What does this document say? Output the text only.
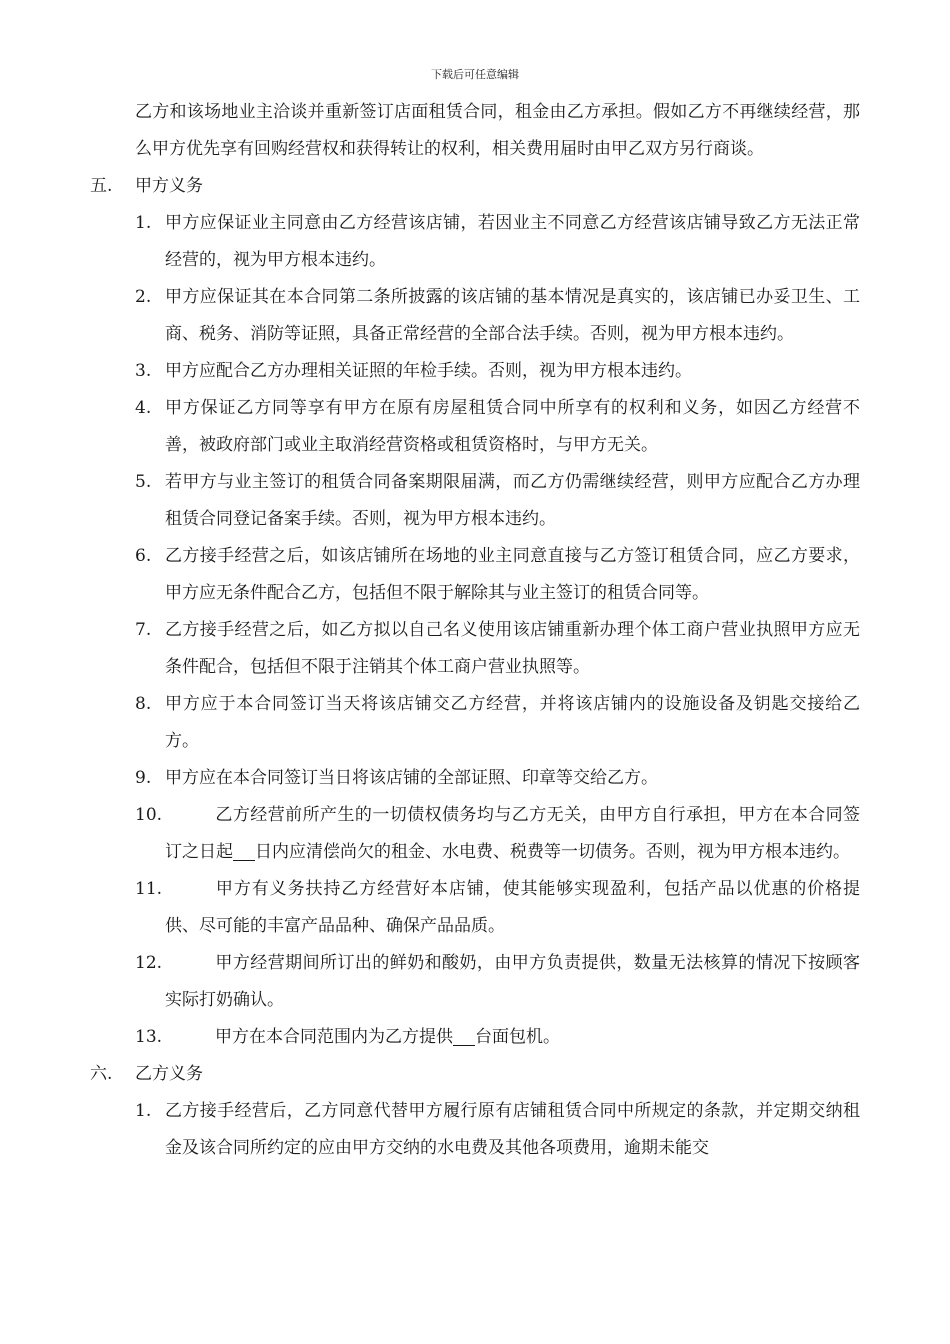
下载后可任意编辑
乙方和该场地业主洽谈并重新签订店面租赁合同，租金由乙方承担。假如乙方不再继续经营，那么甲方优先享有回购经营权和获得转让的权利，相关费用届时由甲乙双方另行商谈。
五.	甲方义务
1. 甲方应保证业主同意由乙方经营该店铺，若因业主不同意乙方经营该店铺导致乙方无法正常经营的，视为甲方根本违约。
2. 甲方应保证其在本合同第二条所披露的该店铺的基本情况是真实的，该店铺已办妥卫生、工商、税务、消防等证照，具备正常经营的全部合法手续。否则，视为甲方根本违约。
3. 甲方应配合乙方办理相关证照的年检手续。否则，视为甲方根本违约。
4. 甲方保证乙方同等享有甲方在原有房屋租赁合同中所享有的权利和义务，如因乙方经营不善，被政府部门或业主取消经营资格或租赁资格时，与甲方无关。
5. 若甲方与业主签订的租赁合同备案期限届满，而乙方仍需继续经营，则甲方应配合乙方办理租赁合同登记备案手续。否则，视为甲方根本违约。
6. 乙方接手经营之后，如该店铺所在场地的业主同意直接与乙方签订租赁合同，应乙方要求，甲方应无条件配合乙方，包括但不限于解除其与业主签订的租赁合同等。
7. 乙方接手经营之后，如乙方拟以自己名义使用该店铺重新办理个体工商户营业执照甲方应无条件配合，包括但不限于注销其个体工商户营业执照等。
8. 甲方应于本合同签订当天将该店铺交乙方经营，并将该店铺内的设施设备及钥匙交接给乙方。
9. 甲方应在本合同签订当日将该店铺的全部证照、印章等交给乙方。
10.	乙方经营前所产生的一切债权债务均与乙方无关，由甲方自行承担，甲方在本合同签订之日起 日内应清偿尚欠的租金、水电费、税费等一切债务。否则，视为甲方根本违约。
11.	甲方有义务扶持乙方经营好本店铺，使其能够实现盈利，包括产品以优惠的价格提供、尽可能的丰富产品品种、确保产品品质。
12.	甲方经营期间所订出的鲜奶和酸奶，由甲方负责提供，数量无法核算的情况下按顾客实际打奶确认。
13.	甲方在本合同范围内为乙方提供 台面包机。
六.	乙方义务
1. 乙方接手经营后，乙方同意代替甲方履行原有店铺租赁合同中所规定的条款，并定期交纳租金及该合同所约定的应由甲方交纳的水电费及其他各项费用，逾期未能交
